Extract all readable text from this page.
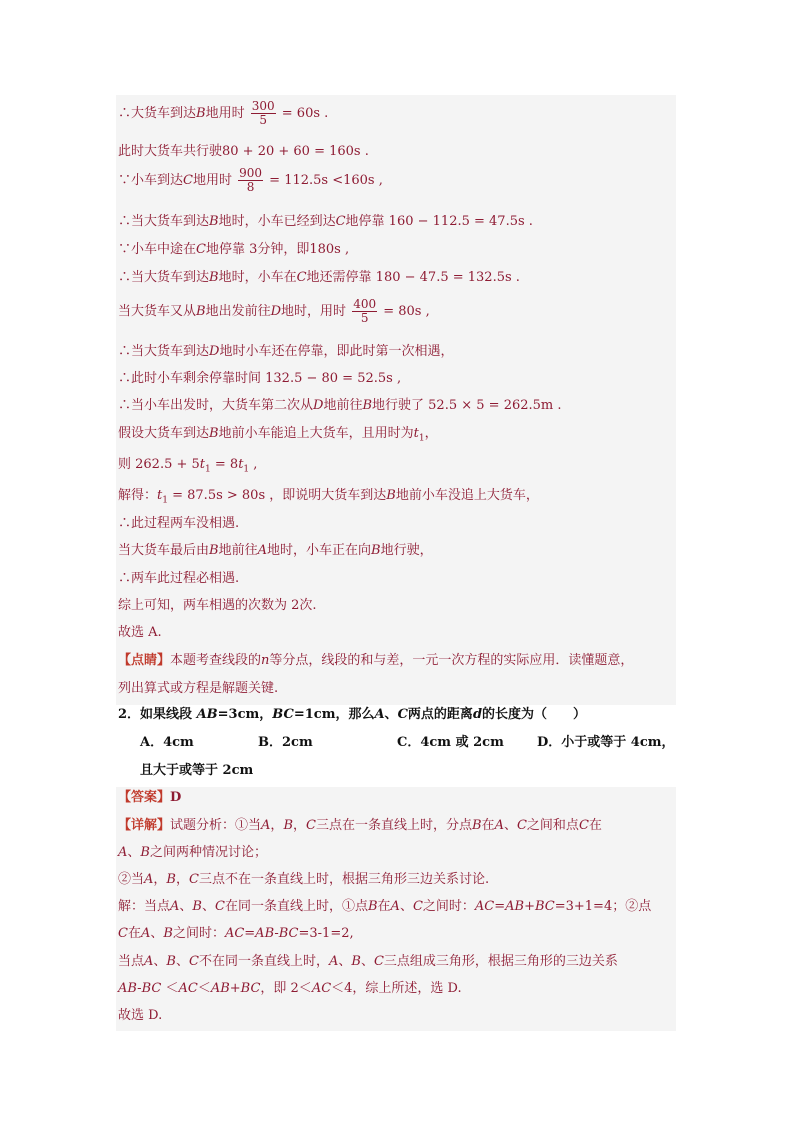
∴大货车到达B地用时 $\frac{300}{5} = 60s$ .
此时大货车共行驶80 + 20 + 60 = 160s .
∵小车到达C地用时 $\frac{900}{8} = 112.5s <160s$ ,
∴当大货车到达B地时，小车已经到达C地停靠 160 − 112.5 = 47.5s .
∵小车中途在C地停靠 3分钟，即180s ,
∴当大货车到达B地时，小车在C地还需停靠 180 − 47.5 = 132.5s .
当大货车又从B地出发前往D地时，用时 $\frac{400}{5} = 80s$ ,
∴当大货车到达D地时小车还在停靠，即此时第一次相遇，
∴此时小车剩余停靠时间 132.5 − 80 = 52.5s ,
∴当小车出发时，大货车第二次从D地前往B地行驶了 52.5 × 5 = 262.5m .
假设大货车到达B地前小车能追上大货车，且用时为$t_1$，
则 $262.5 + 5t_1 = 8t_1$ ,
解得：$t_1 = 87.5s > 80s$ ，即说明大货车到达B地前小车没追上大货车，
∴此过程两车没相遇.
当大货车最后由B地前往A地时，小车正在向B地行驶，
∴两车此过程必相遇.
综上可知，两车相遇的次数为 2次.
故选 A.
【点睛】本题考查线段的n等分点，线段的和与差，一元一次方程的实际应用．读懂题意，
列出算式或方程是解题关键.
2．如果线段 AB=3cm，BC=1cm，那么A、C两点的距离d的长度为（　　）
A．4cm	B．2cm	C．4cm 或 2cm	D．小于或等于 4cm，
且大于或等于 2cm
【答案】D
【详解】试题分析：①当A，B，C三点在一条直线上时，分点B在A、C之间和点C在
A、B之间两种情况讨论；
②当A，B，C三点不在一条直线上时，根据三角形三边关系讨论.
解：当点A、B、C在同一条直线上时，①点B在A、C之间时：AC=AB+BC=3+1=4；②点
C在A、B之间时：AC=AB-BC=3-1=2,
当点A、B、C不在同一条直线上时，A、B、C三点组成三角形，根据三角形的三边关系
AB-BC ＜AC＜AB+BC，即 2＜AC＜4，综上所述，选 D.
故选 D.
